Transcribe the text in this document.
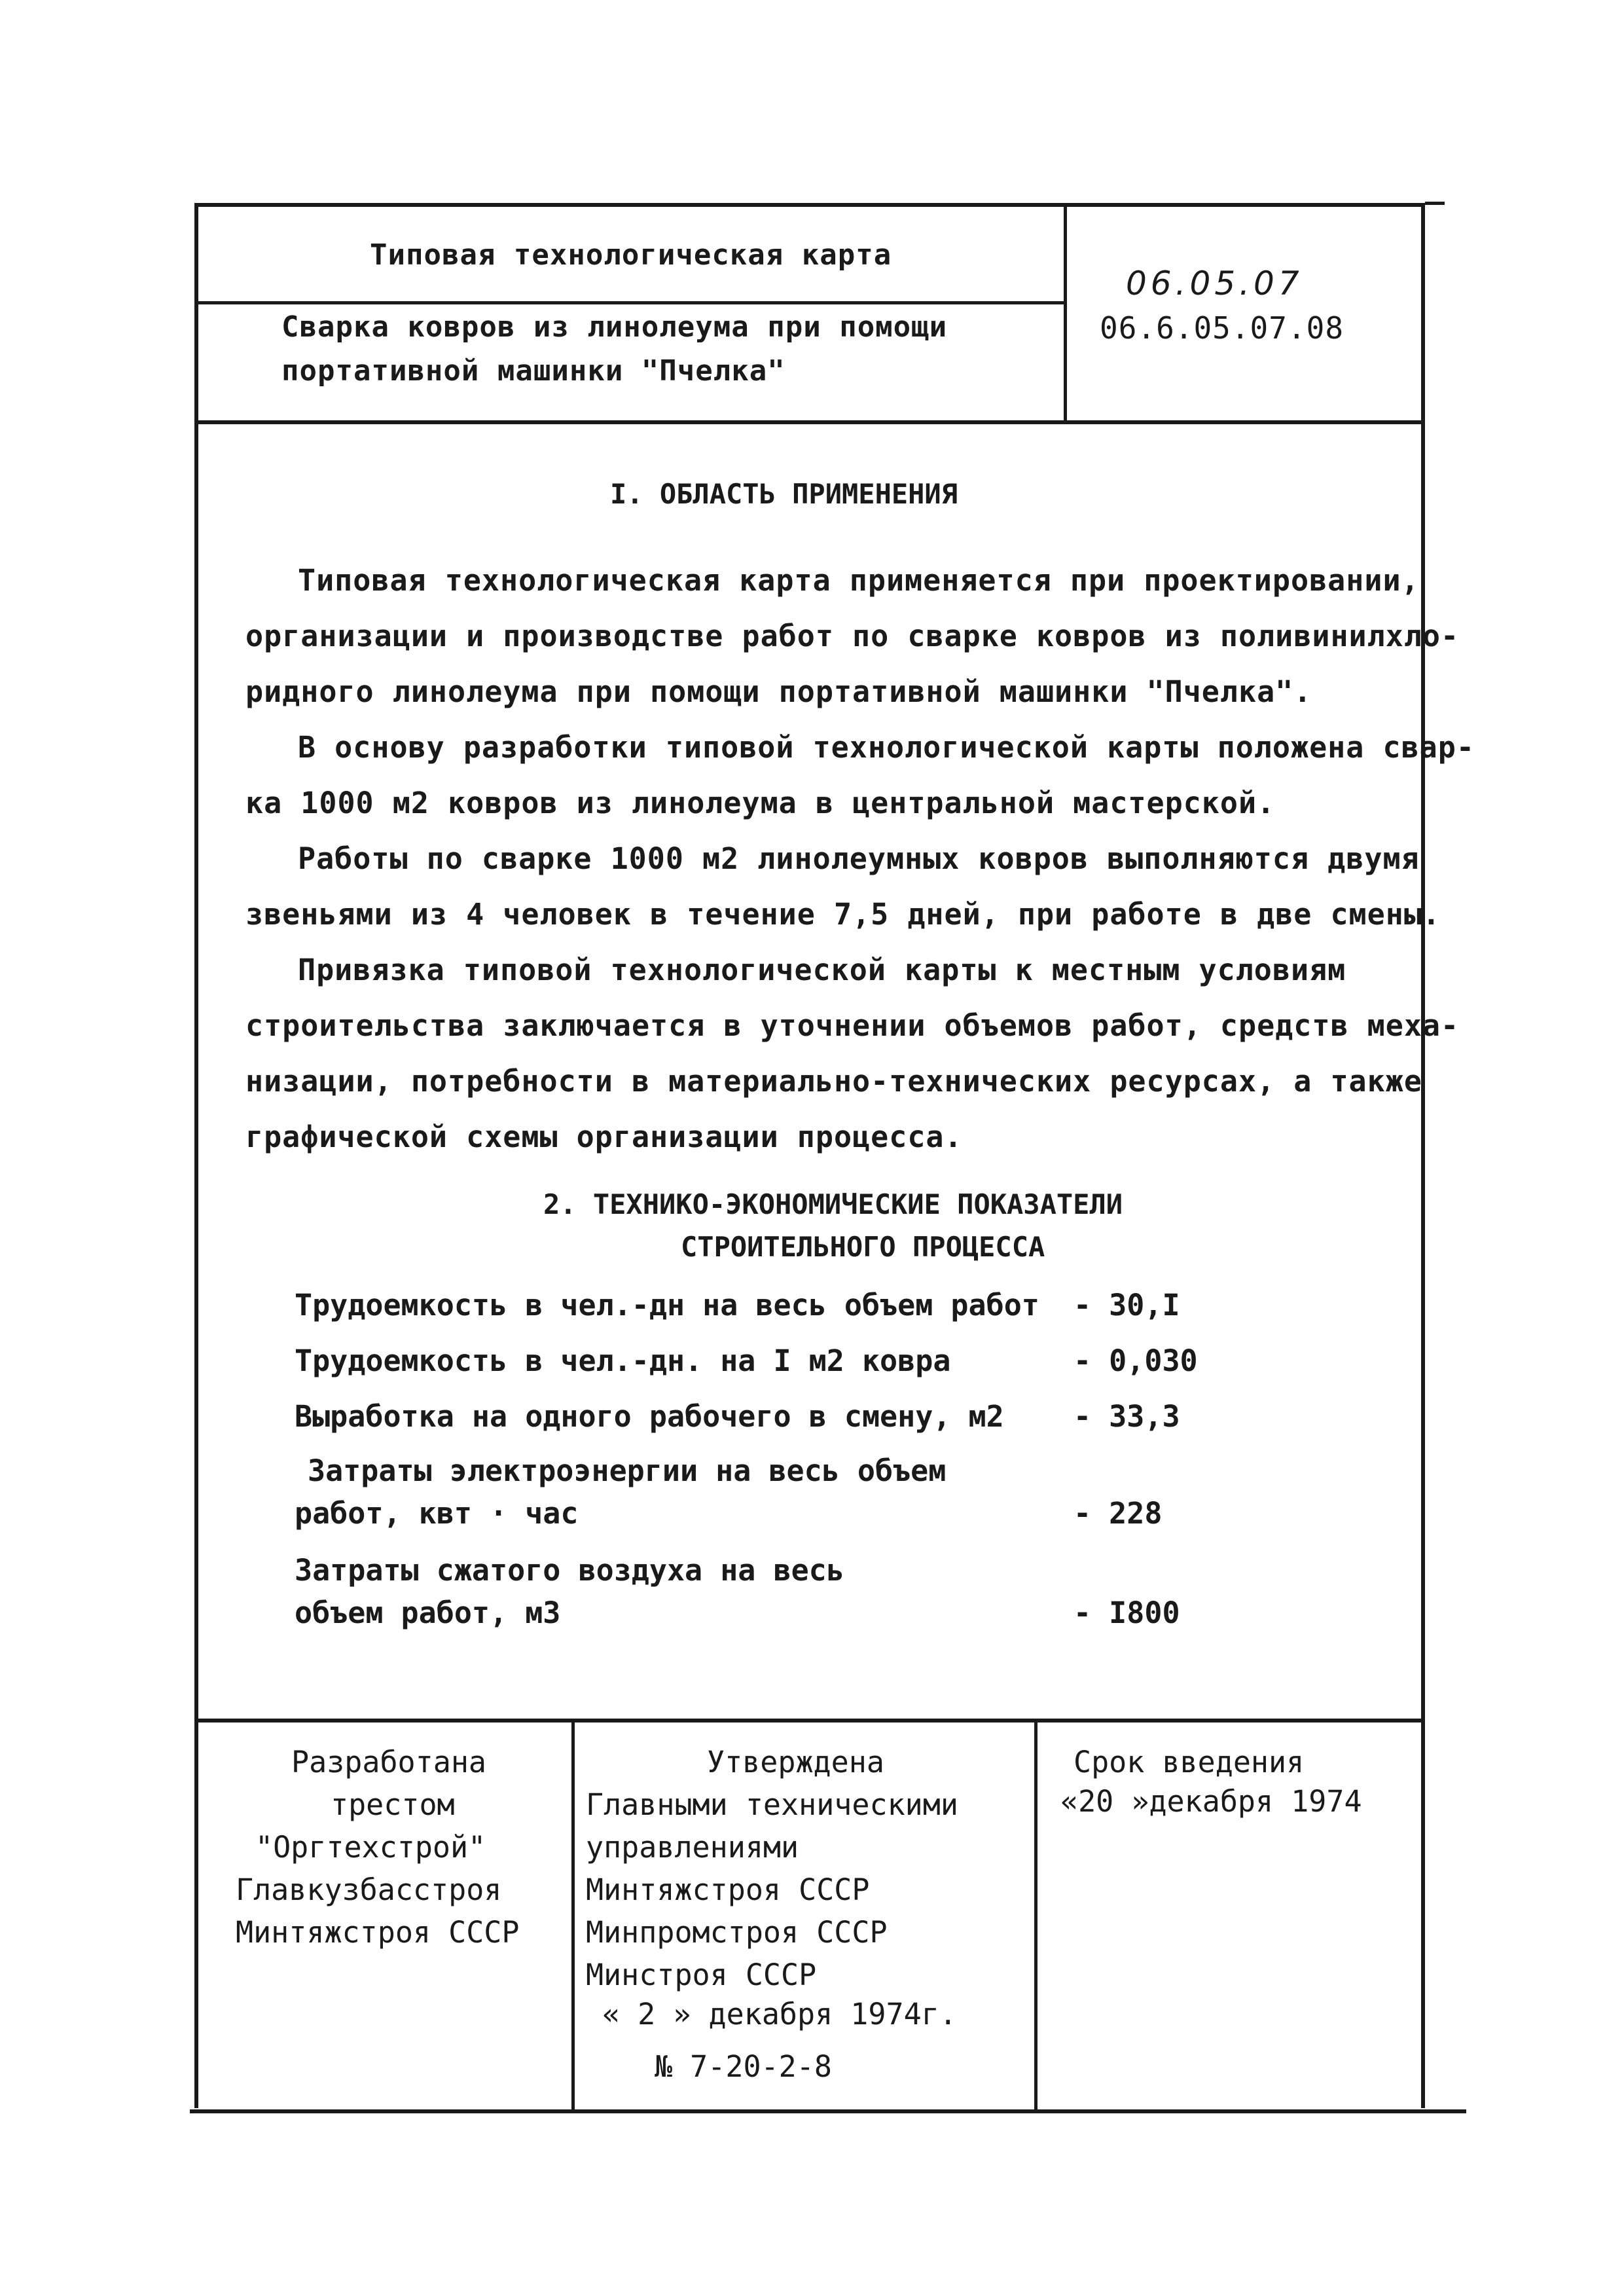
Типовая технологическая карта
Сварка ковров из линолеума при помощи
портативной машинки "Пчелка"
06.05.07
06.6.05.07.08
I. ОБЛАСТЬ ПРИМЕНЕНИЯ
Типовая технологическая карта применяется при проектировании,
организации и производстве работ по сварке ковров из поливинилхло-
ридного линолеума при помощи портативной машинки "Пчелка".
В основу разработки типовой технологической карты положена свар-
ка 1000 м2 ковров из линолеума в центральной мастерской.
Работы по сварке 1000 м2 линолеумных ковров выполняются двумя
звеньями из 4 человек в течение 7,5 дней, при работе в две смены.
Привязка типовой технологической карты к местным условиям
строительства заключается в уточнении объемов работ, средств меха-
низации, потребности в материально-технических ресурсах, а также
графической схемы организации процесса.
2. ТЕХНИКО-ЭКОНОМИЧЕСКИЕ ПОКАЗАТЕЛИ
СТРОИТЕЛЬНОГО ПРОЦЕССА
Трудоемкость в чел.-дн на весь объем работ - 30,I
Трудоемкость в чел.-дн. на I м2 ковра	- 0,030
Выработка на одного рабочего в смену, м2 - 33,3
Затраты электроэнергии на весь объем
работ, квт · час	- 228
Затраты сжатого воздуха на весь
объем работ, м3	- I800
Разработана
трестом
"Оргтехстрой"
Главкузбасстроя
Минтяжстроя СССР
Утверждена
Главными техническими
управлениями
Минтяжстроя СССР
Минпромстроя СССР
Минстроя СССР
« 2 » декабря 1974г.
№ 7-20-2-8
Срок введения
«20 »декабря 1974
